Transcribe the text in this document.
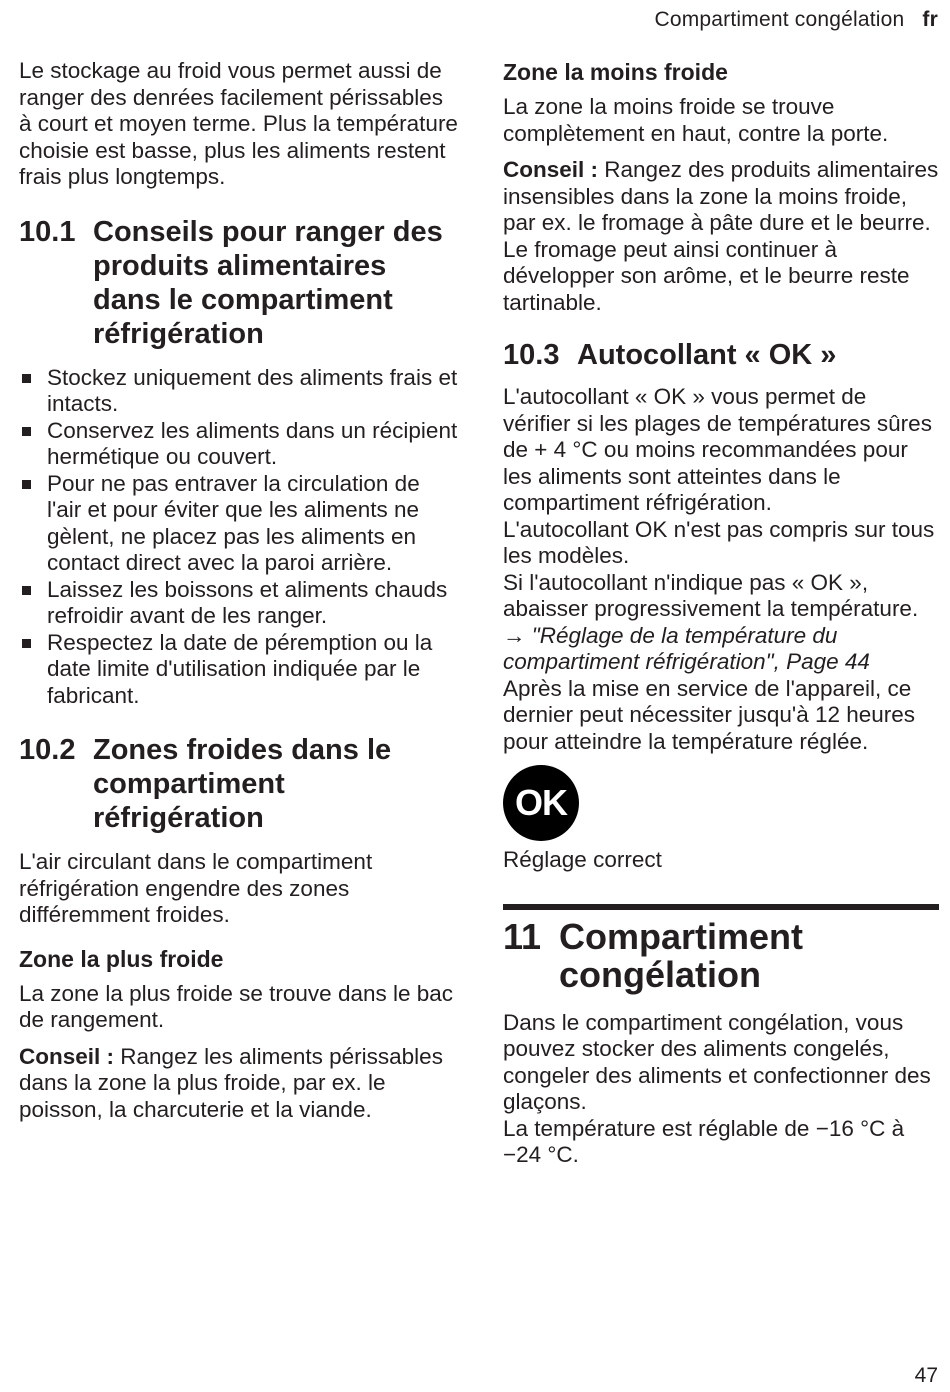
Compartiment congélation fr

Le stockage au froid vous permet aussi de ranger des denrées facilement périssables à court et moyen terme. Plus la température choisie est basse, plus les aliments restent frais plus longtemps.

10.1 Conseils pour ranger des produits alimentaires dans le compartiment réfrigération
Stockez uniquement des aliments frais et intacts.
Conservez les aliments dans un récipient hermétique ou couvert.
Pour ne pas entraver la circulation de l'air et pour éviter que les aliments ne gèlent, ne placez pas les aliments en contact direct avec la paroi arrière.
Laissez les boissons et aliments chauds refroidir avant de les ranger.
Respectez la date de péremption ou la date limite d'utilisation indiquée par le fabricant.
10.2 Zones froides dans le compartiment réfrigération

L'air circulant dans le compartiment réfrigération engendre des zones différemment froides.

Zone la plus froide

La zone la plus froide se trouve dans le bac de rangement.

Conseil : Rangez les aliments périssables dans la zone la plus froide, par ex. le poisson, la charcuterie et la viande.

Zone la moins froide

La zone la moins froide se trouve complètement en haut, contre la porte.

Conseil : Rangez des produits alimentaires insensibles dans la zone la moins froide, par ex. le fromage à pâte dure et le beurre. Le fromage peut ainsi continuer à développer son arôme, et le beurre reste tartinable.

10.3 Autocollant « OK »

L'autocollant « OK » vous permet de vérifier si les plages de températures sûres de + 4 °C ou moins recommandées pour les aliments sont atteintes dans le compartiment réfrigération.

L'autocollant OK n'est pas compris sur tous les modèles.

Si l'autocollant n'indique pas « OK », abaisser progressivement la température.

→ "Réglage de la température du compartiment réfrigération", Page 44

Après la mise en service de l'appareil, ce dernier peut nécessiter jusqu'à 12 heures pour atteindre la température réglée.

OK

Réglage correct

11 Compartiment congélation

Dans le compartiment congélation, vous pouvez stocker des aliments congelés, congeler des aliments et confectionner des glaçons.

La température est réglable de −16 °C à −24 °C.

47
